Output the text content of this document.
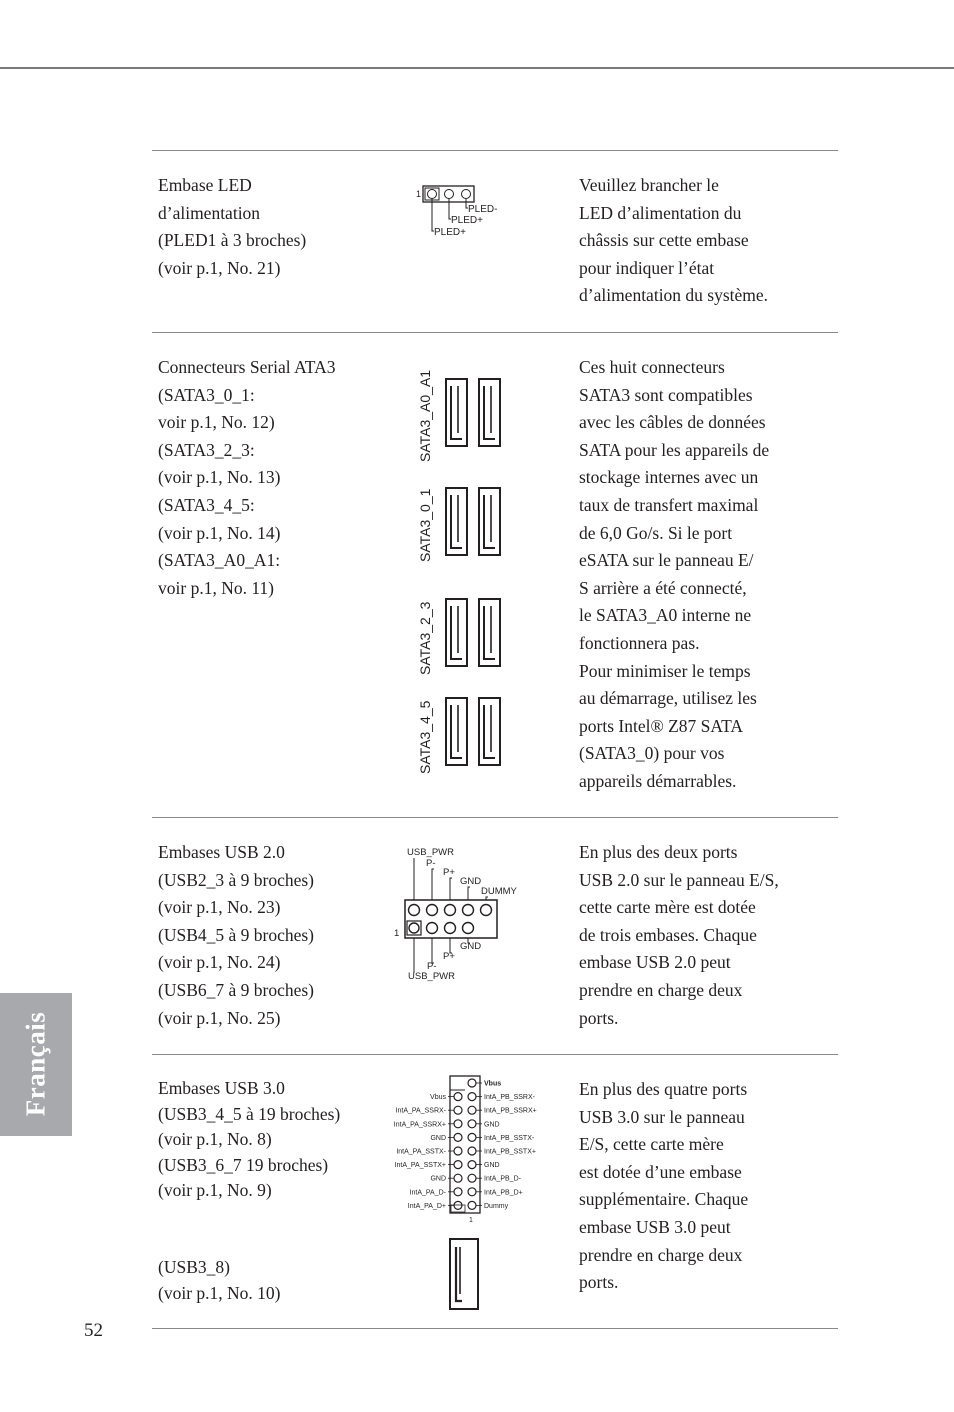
Embase LED
d’alimentation
(PLED1 à 3 broches)
(voir p.1, No. 21)
1
PLED-
PLED+
PLED+
Veuillez brancher le
LED d’alimentation du
châssis sur cette embase
pour indiquer l’état
d’alimentation du système.
Connecteurs Serial ATA3
(SATA3_0_1:
voir p.1, No. 12)
(SATA3_2_3:
(voir p.1, No. 13)
(SATA3_4_5:
(voir p.1, No. 14)
(SATA3_A0_A1:
voir p.1, No. 11)
SATA3_A0_A1
SATA3_0_1
SATA3_2_3
SATA3_4_5
Ces huit connecteurs
SATA3 sont compatibles
avec les câbles de données
SATA pour les appareils de
stockage internes avec un
taux de transfert maximal
de 6,0 Go/s. Si le port
eSATA sur le panneau E/
S arrière a été connecté,
le SATA3_A0 interne ne
fonctionnera pas.
Pour minimiser le temps
au démarrage, utilisez les
ports Intel® Z87 SATA
(SATA3_0) pour vos
appareils démarrables.
Embases USB 2.0
(USB2_3 à 9 broches)
(voir p.1, No. 23)
(USB4_5 à 9 broches)
(voir p.1, No. 24)
(USB6_7 à 9 broches)
(voir p.1, No. 25)
USB_PWR
P-
P+
GND
DUMMY
1
GND
P+
P-
USB_PWR
En plus des deux ports
USB 2.0 sur le panneau E/S,
cette carte mère est dotée
de trois embases. Chaque
embase USB 2.0 peut
prendre en charge deux
ports.
Embases USB 3.0
(USB3_4_5 à 19 broches)
(voir p.1, No. 8)
(USB3_6_7 19 broches)
(voir p.1, No. 9)
(USB3_8)
(voir p.1, No. 10)
1
Vbus
IntA_PB_SSRX-
IntA_PB_SSRX+
GND
IntA_PB_SSTX-
IntA_PB_SSTX+
GND
IntA_PB_D-
IntA_PB_D+
Dummy
Vbus
IntA_PA_SSRX-
IntA_PA_SSRX+
GND
IntA_PA_SSTX-
IntA_PA_SSTX+
GND
IntA_PA_D-
IntA_PA_D+
En plus des quatre ports
USB 3.0 sur le panneau
E/S, cette carte mère
est dotée d’une embase
supplémentaire. Chaque
embase USB 3.0 peut
prendre en charge deux
ports.
Français
52
